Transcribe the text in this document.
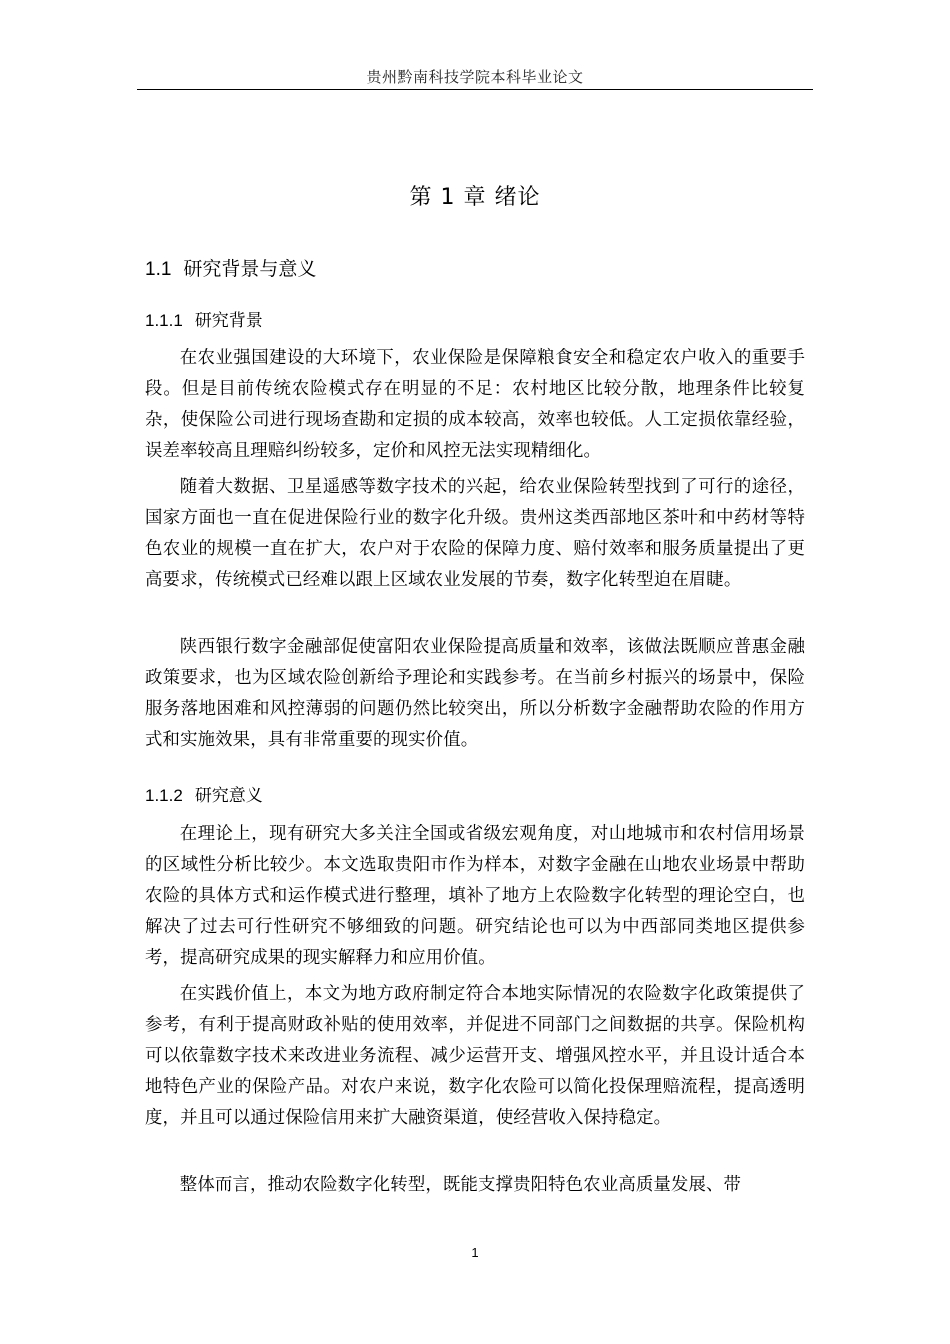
贵州黔南科技学院本科毕业论文
第 1 章 绪论
1.1 研究背景与意义
1.1.1 研究背景

在农业强国建设的大环境下，农业保险是保障粮食安全和稳定农户收入的重要手段。但是目前传统农险模式存在明显的不足：农村地区比较分散，地理条件比较复杂，使保险公司进行现场查勘和定损的成本较高，效率也较低。人工定损依靠经验，误差率较高且理赔纠纷较多，定价和风控无法实现精细化。

随着大数据、卫星遥感等数字技术的兴起，给农业保险转型找到了可行的途径，国家方面也一直在促进保险行业的数字化升级。贵州这类西部地区茶叶和中药材等特色农业的规模一直在扩大，农户对于农险的保障力度、赔付效率和服务质量提出了更高要求，传统模式已经难以跟上区域农业发展的节奏，数字化转型迫在眉睫。

陕西银行数字金融部促使富阳农业保险提高质量和效率，该做法既顺应普惠金融政策要求，也为区域农险创新给予理论和实践参考。在当前乡村振兴的场景中，保险服务落地困难和风控薄弱的问题仍然比较突出，所以分析数字金融帮助农险的作用方式和实施效果，具有非常重要的现实价值。

1.1.2 研究意义

在理论上，现有研究大多关注全国或省级宏观角度，对山地城市和农村信用场景的区域性分析比较少。本文选取贵阳市作为样本，对数字金融在山地农业场景中帮助农险的具体方式和运作模式进行整理，填补了地方上农险数字化转型的理论空白，也解决了过去可行性研究不够细致的问题。研究结论也可以为中西部同类地区提供参考，提高研究成果的现实解释力和应用价值。

在实践价值上，本文为地方政府制定符合本地实际情况的农险数字化政策提供了参考，有利于提高财政补贴的使用效率，并促进不同部门之间数据的共享。保险机构可以依靠数字技术来改进业务流程、减少运营开支、增强风控水平，并且设计适合本地特色产业的保险产品。对农户来说，数字化农险可以简化投保理赔流程，提高透明度，并且可以通过保险信用来扩大融资渠道，使经营收入保持稳定。

整体而言，推动农险数字化转型，既能支撑贵阳特色农业高质量发展、带

1
